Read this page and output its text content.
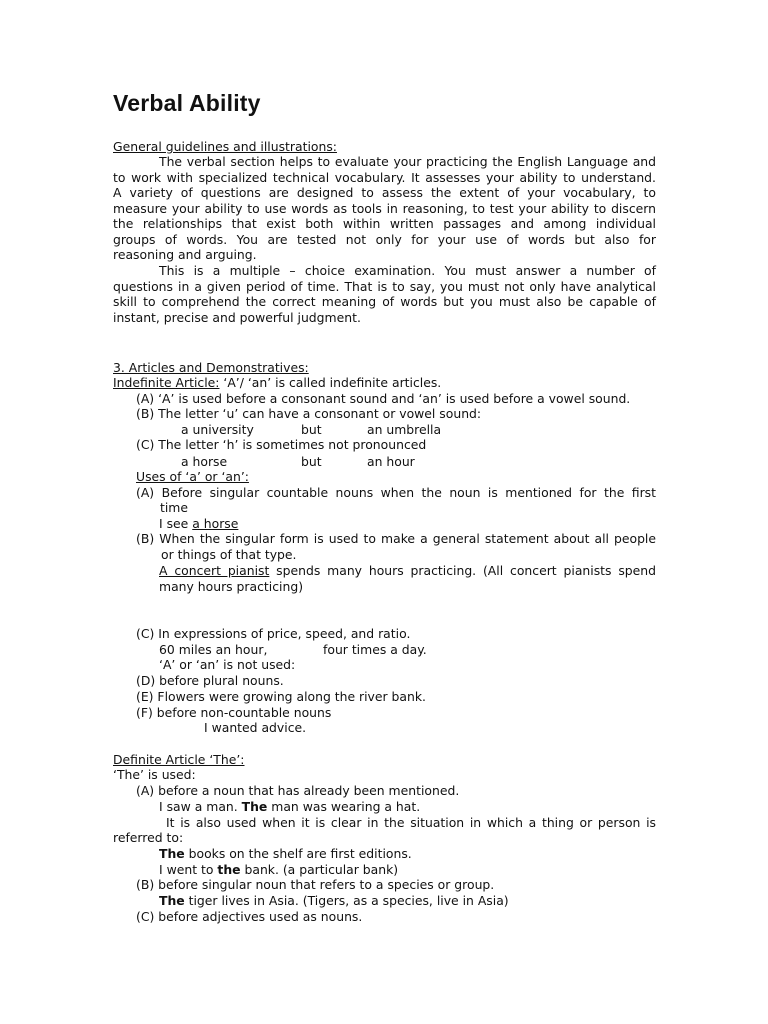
Verbal Ability
General guidelines and illustrations:
The verbal section helps to evaluate your practicing the English Language and
to work with specialized technical vocabulary. It assesses your ability to understand.
A variety of questions are designed to assess the extent of your vocabulary, to
measure your ability to use words as tools in reasoning, to test your ability to discern
the relationships that exist both within written passages and among individual
groups of words. You are tested not only for your use of words but also for
reasoning and arguing.
This is a multiple – choice examination. You must answer a number of
questions in a given period of time. That is to say, you must not only have analytical
skill to comprehend the correct meaning of words but you must also be capable of
instant, precise and powerful judgment.
3. Articles and Demonstratives:
Indefinite Article: ‘A’/ ‘an’ is called indefinite articles.
(A) ‘A’ is used before a consonant sound and ‘an’ is used before a vowel sound.
(B) The letter ‘u’ can have a consonant or vowel sound:
a university	but	an umbrella
(C) The letter ‘h’ is sometimes not pronounced
a horse	but	an hour
Uses of ‘a’ or ‘an’:
(A) Before singular countable nouns when the noun is mentioned for the first
time
I see a horse
(B) When the singular form is used to make a general statement about all people
or things of that type.
A concert pianist spends many hours practicing. (All concert pianists spend
many hours practicing)
(C) In expressions of price, speed, and ratio.
60 miles an hour,	four times a day.
‘A’ or ‘an’ is not used:
(D) before plural nouns.
(E) Flowers were growing along the river bank.
(F) before non-countable nouns
I wanted advice.
Definite Article ‘The’:
‘The’ is used:
(A) before a noun that has already been mentioned.
I saw a man. The man was wearing a hat.
It is also used when it is clear in the situation in which a thing or person is
referred to:
The books on the shelf are first editions.
I went to the bank. (a particular bank)
(B) before singular noun that refers to a species or group.
The tiger lives in Asia. (Tigers, as a species, live in Asia)
(C) before adjectives used as nouns.
